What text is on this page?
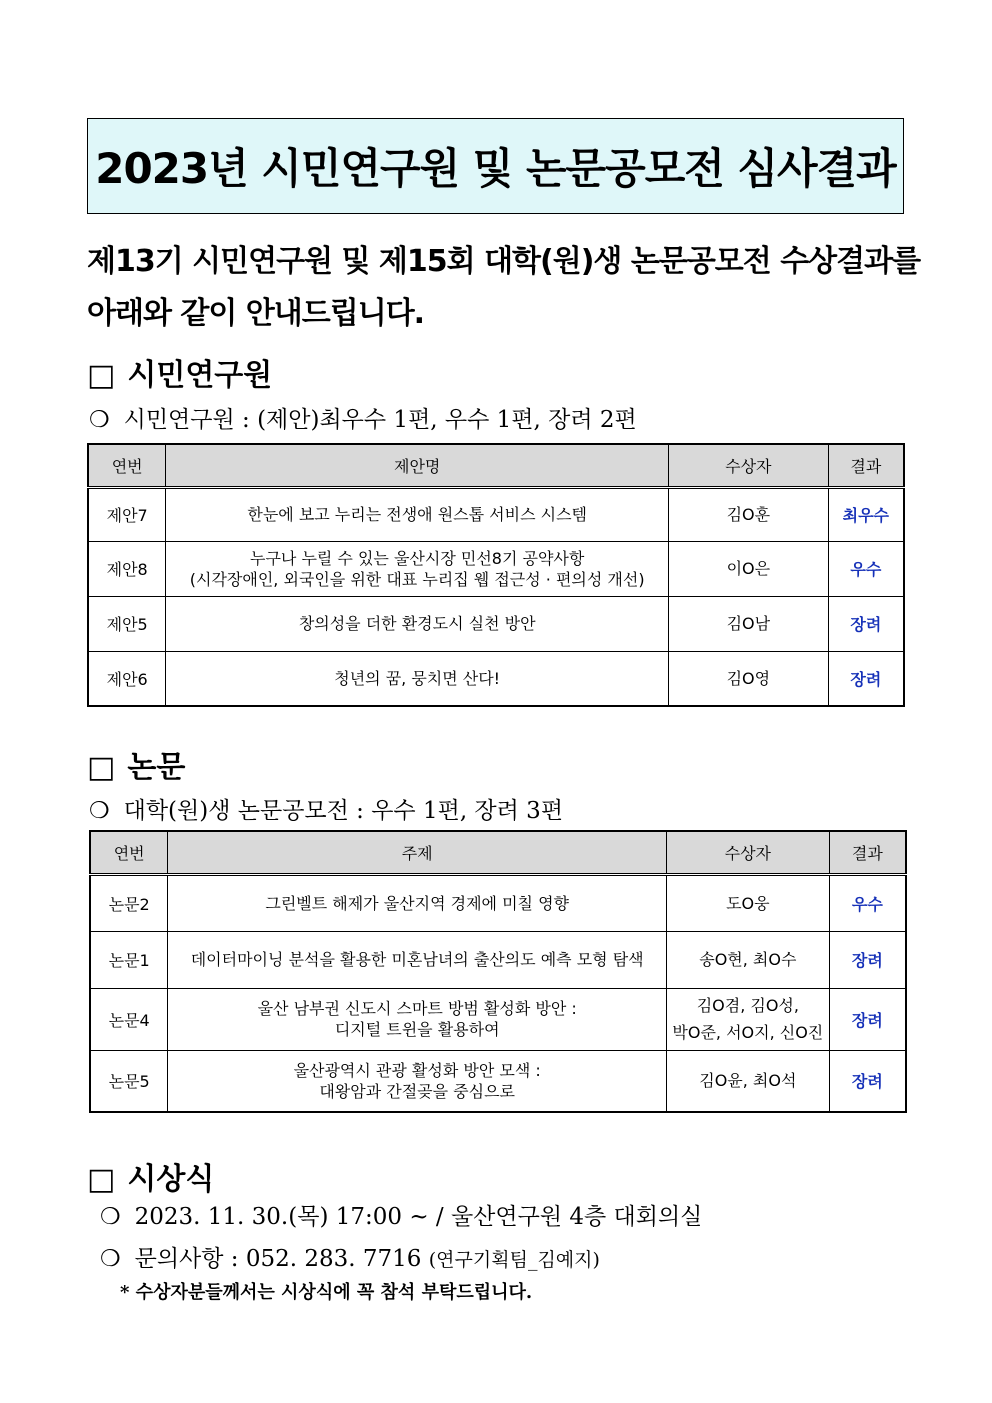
2023년 시민연구원 및 논문공모전 심사결과
제13기 시민연구원 및 제15회 대학(원)생 논문공모전 수상결과를
아래와 같이 안내드립니다.
□ 시민연구원
❍ 시민연구원 : (제안)최우수 1편, 우수 1편, 장려 2편
연번	제안명	수상자	결과
제안7	한눈에 보고 누리는 전생애 원스톱 서비스 시스템	김O훈	최우수
제안8	누구나 누릴 수 있는 울산시장 민선8기 공약사항
(시각장애인, 외국인을 위한 대표 누리집 웹 접근성 · 편의성 개선)	이O은	우수
제안5	창의성을 더한 환경도시 실천 방안	김O남	장려
제안6	청년의 꿈, 뭉치면 산다!	김O영	장려
□ 논문
❍ 대학(원)생 논문공모전 : 우수 1편, 장려 3편
연번	주제	수상자	결과
논문2	그린벨트 해제가 울산지역 경제에 미칠 영향	도O웅	우수
논문1	데이터마이닝 분석을 활용한 미혼남녀의 출산의도 예측 모형 탐색	송O현, 최O수	장려
논문4	울산 남부권 신도시 스마트 방범 활성화 방안 :
디지털 트윈을 활용하여	김O겸, 김O성,
박O준, 서O지, 신O진	장려
논문5	울산광역시 관광 활성화 방안 모색 :
대왕암과 간절곶을 중심으로	김O윤, 최O석	장려
□ 시상식
❍ 2023. 11. 30.(목) 17:00 ~ / 울산연구원 4층 대회의실
❍ 문의사항 : 052. 283. 7716 (연구기획팀_김예지)
* 수상자분들께서는 시상식에 꼭 참석 부탁드립니다.
